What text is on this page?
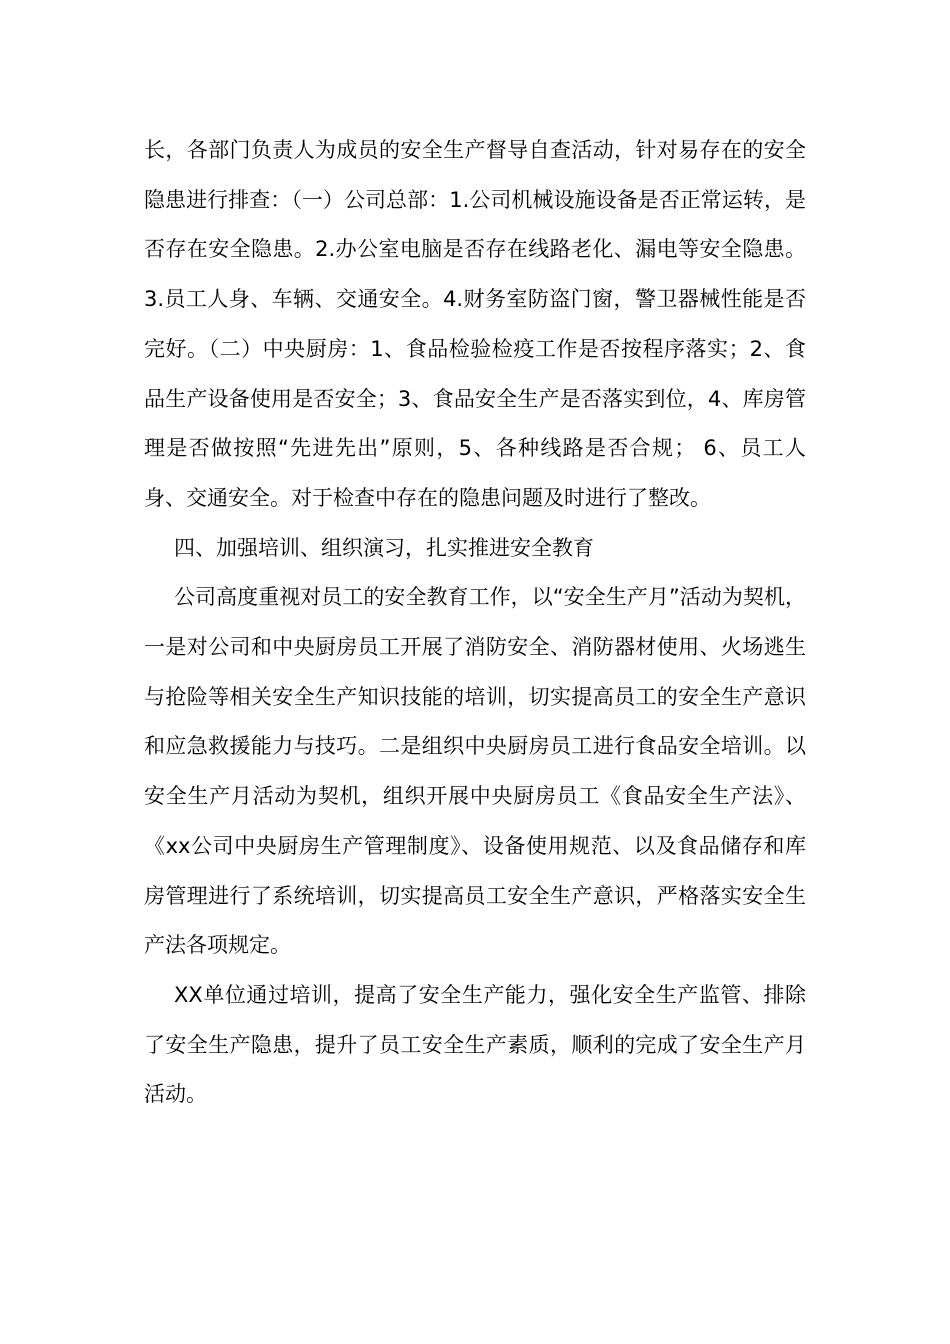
长，各部门负责人为成员的安全生产督导自查活动，针对易存在的安全隐患进行排查：（一）公司总部：1.公司机械设施设备是否正常运转，是否存在安全隐患。2.办公室电脑是否存在线路老化、漏电等安全隐患。3.员工人身、车辆、交通安全。4.财务室防盗门窗，警卫器械性能是否完好。（二）中央厨房：1、食品检验检疫工作是否按程序落实；2、食品生产设备使用是否安全；3、食品安全生产是否落实到位，4、库房管理是否做按照“先进先出”原则，5、各种线路是否合规； 6、员工人身、交通安全。对于检查中存在的隐患问题及时进行了整改。

四、加强培训、组织演习，扎实推进安全教育

公司高度重视对员工的安全教育工作，以“安全生产月”活动为契机，一是对公司和中央厨房员工开展了消防安全、消防器材使用、火场逃生与抢险等相关安全生产知识技能的培训，切实提高员工的安全生产意识和应急救援能力与技巧。二是组织中央厨房员工进行食品安全培训。以安全生产月活动为契机，组织开展中央厨房员工《食品安全生产法》、《xx公司中央厨房生产管理制度》、设备使用规范、以及食品储存和库房管理进行了系统培训，切实提高员工安全生产意识，严格落实安全生产法各项规定。

XX单位通过培训，提高了安全生产能力，强化安全生产监管、排除了安全生产隐患，提升了员工安全生产素质，顺利的完成了安全生产月活动。
